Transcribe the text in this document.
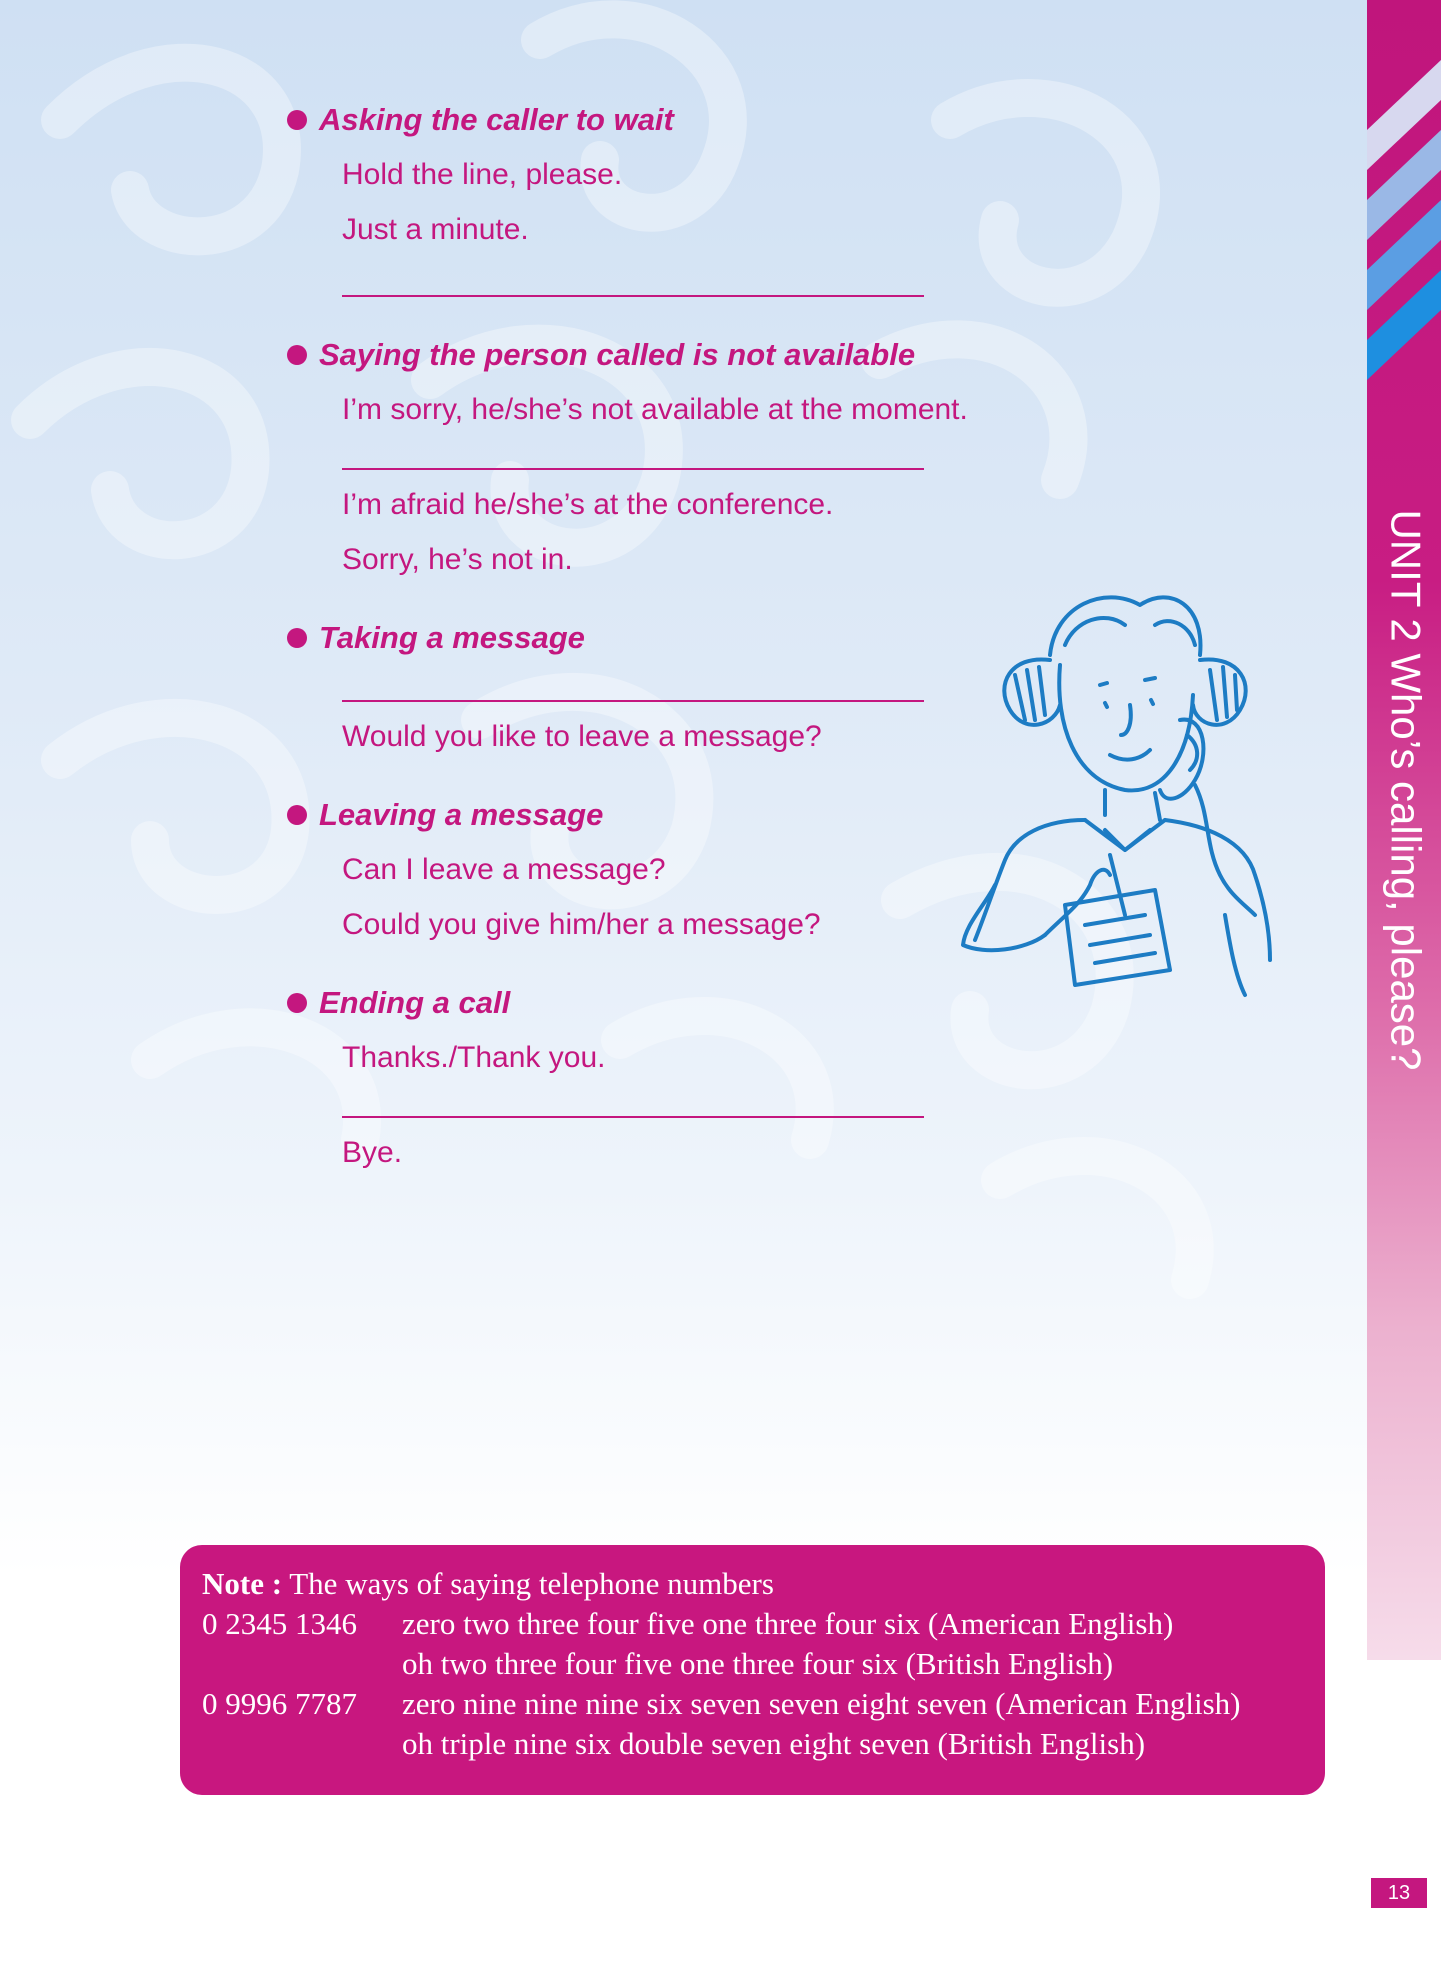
Asking the caller to wait

Hold the line, please.

Just a minute.

Saying the person called is not available

I’m sorry, he/she’s not available at the moment.

I’m afraid he/she’s at the conference.

Sorry, he’s not in.

Taking a message

Would you like to leave a message?

Leaving a message

Can I leave a message?

Could you give him/her a message?

Ending a call

Thanks./Thank you.

Bye.

UNIT 2 Who’s calling, please?
Note : The ways of saying telephone numbers
0 2345 1346 zero two three four five one three four six (American English)
oh two three four five one three four six (British English)
0 9996 7787 zero nine nine nine six seven seven eight seven (American English)
oh triple nine six double seven eight seven (British English)
13
